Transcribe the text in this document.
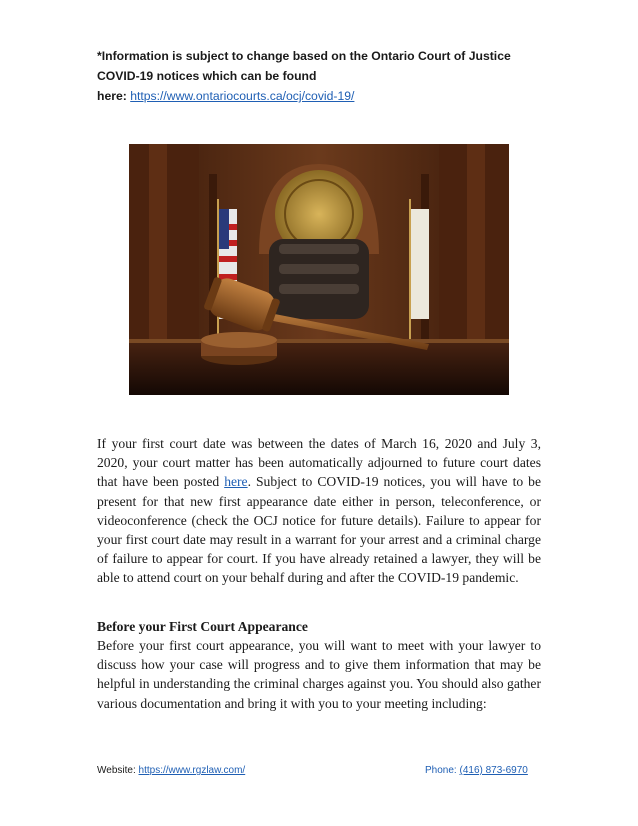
*Information is subject to change based on the Ontario Court of Justice
COVID-19 notices which can be found
here: https://www.ontariocourts.ca/ocj/covid-19/

If your first court date was between the dates of March 16, 2020 and July 3, 2020, your court matter has been automatically adjourned to future court dates that have been posted here. Subject to COVID-19 notices, you will have to be present for that new first appearance date either in person, teleconference, or videoconference (check the OCJ notice for future details). Failure to appear for your first court date may result in a warrant for your arrest and a criminal charge of failure to appear for court. If you have already retained a lawyer, they will be able to attend court on your behalf during and after the COVID-19 pandemic.

Before your First Court Appearance

Before your first court appearance, you will want to meet with your lawyer to discuss how your case will progress and to give them information that may be helpful in understanding the criminal charges against you. You should also gather various documentation and bring it with you to your meeting including:

Website: https://www.rgzlaw.com/	Phone: (416) 873-6970
